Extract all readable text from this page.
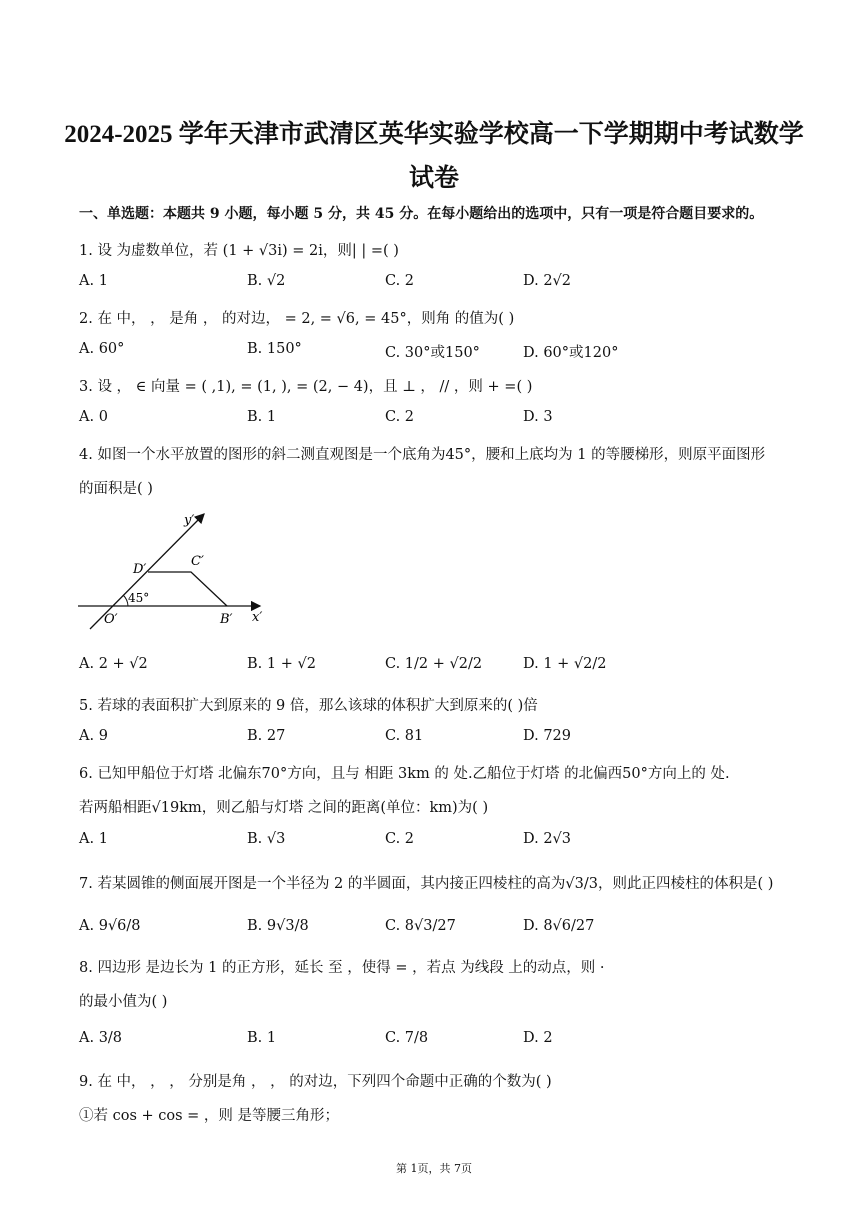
2024-2025 学年天津市武清区英华实验学校高一下学期期中考试数学
试卷
一、单选题：本题共 9 小题，每小题 5 分，共 45 分。在每小题给出的选项中，只有一项是符合题目要求的。
1. 设 为虚数单位，若 (1 + √3i) = 2i，则| | =( )
A. 1	B. √2	C. 2	D. 2√2
2. 在 中， ， 是角 ， 的对边， = 2, = √6, = 45°，则角 的值为( )
A. 60°	B. 150°	C. 30°或150°	D. 60°或120°
3. 设 ， ∈ 向量 = ( ,1), = (1, ), = (2, − 4)，且 ⊥ ， // ，则 + =( )
A. 0	B. 1	C. 2	D. 3
4. 如图一个水平放置的图形的斜二测直观图是一个底角为45°，腰和上底均为 1 的等腰梯形，则原平面图形
的面积是( )
y′
x′
O′	B′
C′
D′
45°
A. 2 + √2	B. 1 + √2	C. 1/2 + √2/2	D. 1 + √2/2
5. 若球的表面积扩大到原来的 9 倍，那么该球的体积扩大到原来的( )倍
A. 9	B. 27	C. 81	D. 729
6. 已知甲船位于灯塔 北偏东70°方向，且与 相距 3km 的 处.乙船位于灯塔 的北偏西50°方向上的 处.
若两船相距√19km，则乙船与灯塔 之间的距离(单位：km)为( )
A. 1	B. √3	C. 2	D. 2√3
7. 若某圆锥的侧面展开图是一个半径为 2 的半圆面，其内接正四棱柱的高为√3/3，则此正四棱柱的体积是( )
A. 9√6/8	B. 9√3/8	C. 8√3/27	D. 8√6/27
8. 四边形 是边长为 1 的正方形，延长 至 ，使得 = ，若点 为线段 上的动点，则 ·
的最小值为( )
A. 3/8	B. 1	C. 7/8	D. 2
9. 在 中， ， ， 分别是角 ， ， 的对边，下列四个命题中正确的个数为( )
①若 cos + cos = ，则 是等腰三角形；
第 1页，共 7页
